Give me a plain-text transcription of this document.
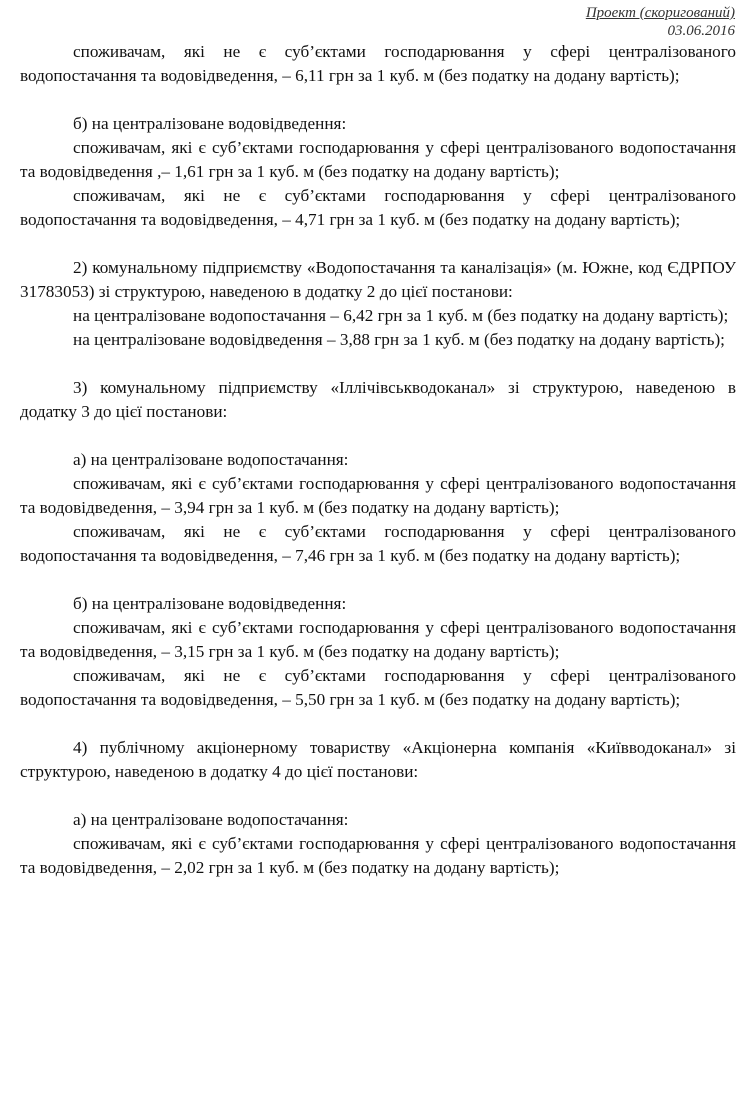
Проект (скоригований)
03.06.2016

споживачам, які не є суб’єктами господарювання у сфері централізованого водопостачання та водовідведення, – 6,11 грн за 1 куб. м (без податку на додану вартість);

б) на централізоване водовідведення:

споживачам, які є суб’єктами господарювання у сфері централізованого водопостачання та водовідведення ,– 1,61 грн за 1 куб. м (без податку на додану вартість);

споживачам, які не є суб’єктами господарювання у сфері централізованого водопостачання та водовідведення, – 4,71 грн за 1 куб. м (без податку на додану вартість);

2) комунальному підприємству «Водопостачання та каналізація» (м. Южне, код ЄДРПОУ 31783053) зі структурою, наведеною в додатку 2 до цієї постанови:

на централізоване водопостачання – 6,42 грн за 1 куб. м (без податку на додану вартість);

на централізоване водовідведення – 3,88 грн за 1 куб. м (без податку на додану вартість);

3) комунальному підприємству «Іллічівськводоканал» зі структурою, наведеною в додатку 3 до цієї постанови:

а) на централізоване водопостачання:

споживачам, які є суб’єктами господарювання у сфері централізованого водопостачання та водовідведення, – 3,94 грн за 1 куб. м (без податку на додану вартість);

споживачам, які не є суб’єктами господарювання у сфері централізованого водопостачання та водовідведення, – 7,46 грн за 1 куб. м (без податку на додану вартість);

б) на централізоване водовідведення:

споживачам, які є суб’єктами господарювання у сфері централізованого водопостачання та водовідведення, – 3,15 грн за 1 куб. м (без податку на додану вартість);

споживачам, які не є суб’єктами господарювання у сфері централізованого водопостачання та водовідведення, – 5,50 грн за 1 куб. м (без податку на додану вартість);

4) публічному акціонерному товариству «Акціонерна компанія «Київводоканал» зі структурою, наведеною в додатку 4 до цієї постанови:

а) на централізоване водопостачання:

споживачам, які є суб’єктами господарювання у сфері централізованого водопостачання та водовідведення, – 2,02 грн за 1 куб. м (без податку на додану вартість);
